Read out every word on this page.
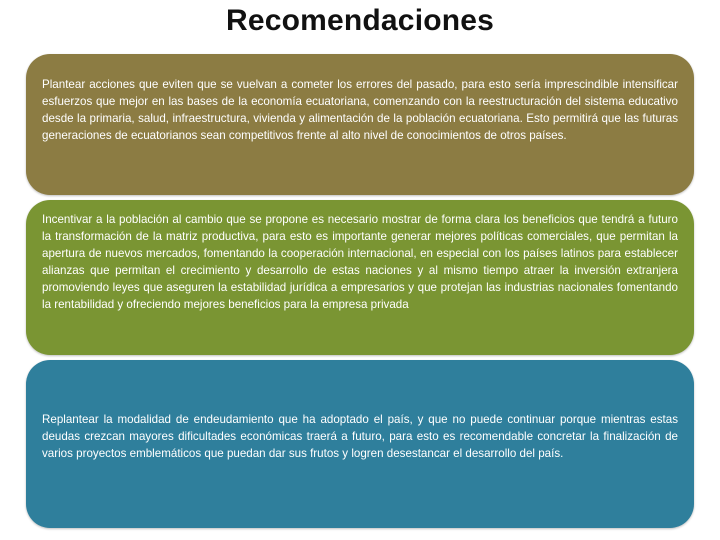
Recomendaciones

Plantear acciones que eviten que se vuelvan a cometer los errores del pasado, para esto sería imprescindible intensificar esfuerzos que mejor en las bases de la economía ecuatoriana, comenzando con la reestructuración del sistema educativo desde la primaria, salud, infraestructura, vivienda y alimentación de la población ecuatoriana. Esto permitirá que las futuras generaciones de ecuatorianos sean competitivos frente al alto nivel de conocimientos de otros países.

Incentivar a la población al cambio que se propone es necesario mostrar de forma clara los beneficios que tendrá a futuro la transformación de la matriz productiva, para esto es importante generar mejores políticas comerciales, que permitan la apertura de nuevos mercados, fomentando la cooperación internacional, en especial con los países latinos para establecer alianzas que permitan el crecimiento y desarrollo de estas naciones y al mismo tiempo atraer la inversión extranjera promoviendo leyes que aseguren la estabilidad jurídica a empresarios y que protejan las industrias nacionales fomentando la rentabilidad y ofreciendo mejores beneficios para la empresa privada

Replantear la modalidad de endeudamiento que ha adoptado el país, y que no puede continuar porque mientras estas deudas crezcan mayores dificultades económicas traerá a futuro, para esto es recomendable concretar la finalización de varios proyectos emblemáticos que puedan dar sus frutos y logren desestancar el desarrollo del país.
